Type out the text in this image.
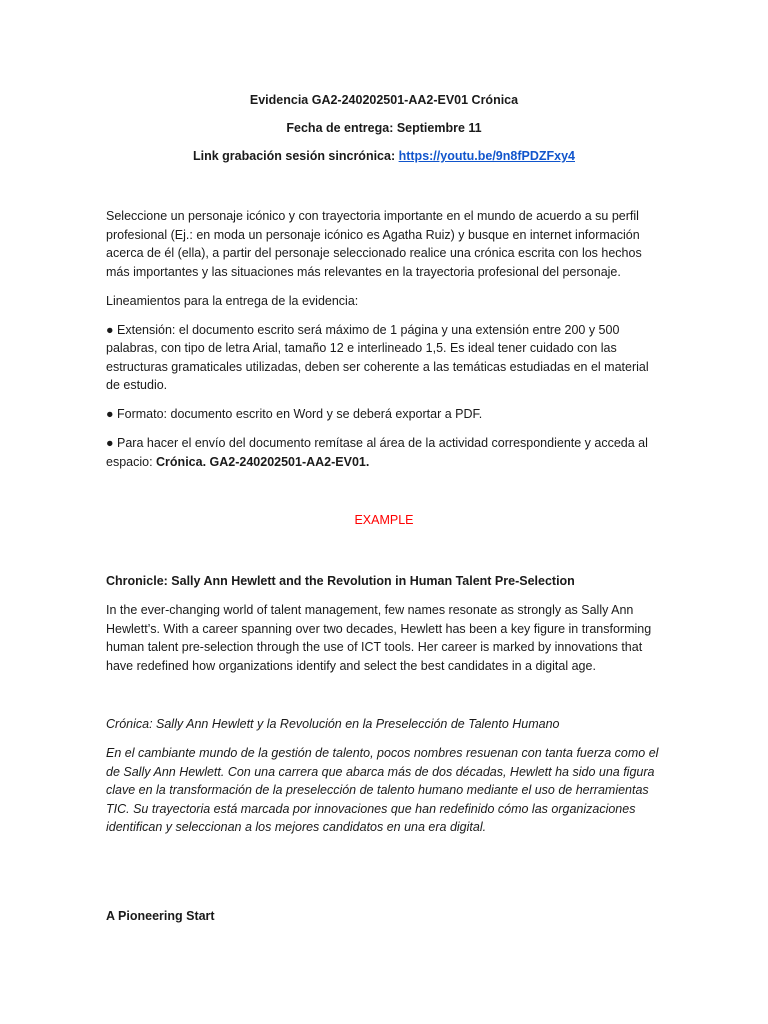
Evidencia GA2-240202501-AA2-EV01 Crónica

Fecha de entrega: Septiembre 11

Link grabación sesión sincrónica: https://youtu.be/9n8fPDZFxy4

Seleccione un personaje icónico y con trayectoria importante en el mundo de acuerdo a su perfil profesional (Ej.: en moda un personaje icónico es Agatha Ruiz) y busque en internet información acerca de él (ella), a partir del personaje seleccionado realice una crónica escrita con los hechos más importantes y las situaciones más relevantes en la trayectoria profesional del personaje.

Lineamientos para la entrega de la evidencia:

● Extensión: el documento escrito será máximo de 1 página y una extensión entre 200 y 500 palabras, con tipo de letra Arial, tamaño 12 e interlineado 1,5. Es ideal tener cuidado con las estructuras gramaticales utilizadas, deben ser coherente a las temáticas estudiadas en el material de estudio.

● Formato: documento escrito en Word y se deberá exportar a PDF.

● Para hacer el envío del documento remítase al área de la actividad correspondiente y acceda al espacio: Crónica. GA2-240202501-AA2-EV01.

EXAMPLE

Chronicle: Sally Ann Hewlett and the Revolution in Human Talent Pre-Selection

In the ever-changing world of talent management, few names resonate as strongly as Sally Ann Hewlett’s. With a career spanning over two decades, Hewlett has been a key figure in transforming human talent pre-selection through the use of ICT tools. Her career is marked by innovations that have redefined how organizations identify and select the best candidates in a digital age.

Crónica: Sally Ann Hewlett y la Revolución en la Preselección de Talento Humano

En el cambiante mundo de la gestión de talento, pocos nombres resuenan con tanta fuerza como el de Sally Ann Hewlett. Con una carrera que abarca más de dos décadas, Hewlett ha sido una figura clave en la transformación de la preselección de talento humano mediante el uso de herramientas TIC. Su trayectoria está marcada por innovaciones que han redefinido cómo las organizaciones identifican y seleccionan a los mejores candidatos en una era digital.

A Pioneering Start
